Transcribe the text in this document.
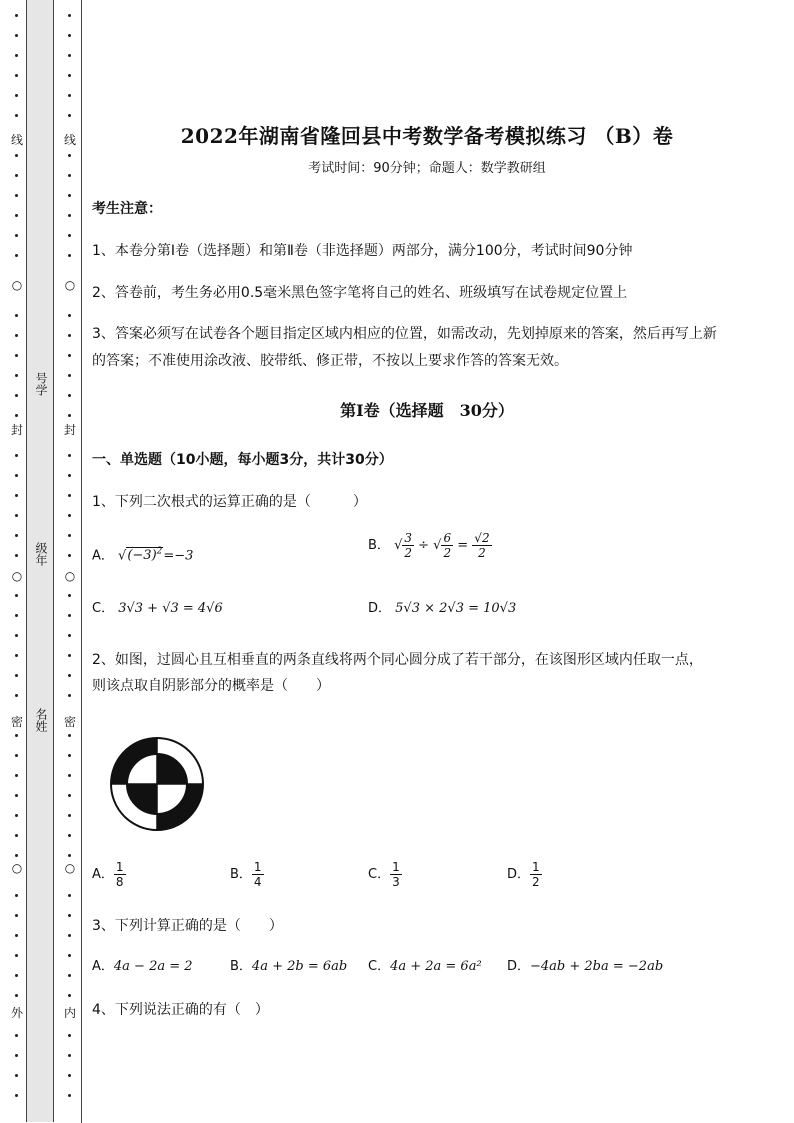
线
○
封
○
密
○
外
线
○
封
○
密
○
内
号学
级年
名姓
2022年湖南省隆回县中考数学备考模拟练习 （B）卷
考试时间：90分钟；命题人：数学教研组
考生注意：
1、本卷分第I卷（选择题）和第Ⅱ卷（非选择题）两部分，满分100分，考试时间90分钟
2、答卷前，考生务必用0.5毫米黑色签字笔将自己的姓名、班级填写在试卷规定位置上
3、答案必须写在试卷各个题目指定区域内相应的位置，如需改动，先划掉原来的答案，然后再写上新
的答案；不准使用涂改液、胶带纸、修正带，不按以上要求作答的答案无效。
第I卷（选择题　30分）
一、单选题（10小题，每小题3分，共计30分）
1、下列二次根式的运算正确的是（　　　）
A． $√(-3)^2=-3$
B． √ $\frac{3}{2}$ ÷ √ $\frac{6}{2} = \frac{√2}{2}$
C． 3√3 + √3 = 4√6	D． 5√3 × 2√3 = 10√3
2、如图，过圆心且互相垂直的两条直线将两个同心圆分成了若干部分，在该图形区域内任取一点，
则该点取自阴影部分的概率是（　　）
A． $\frac{1}{8}$	B． $\frac{1}{4}$	C． $\frac{1}{3}$	D． $\frac{1}{2}$
3、下列计算正确的是（　　）
A．4a − 2a = 2	B．4a + 2b = 6ab C．4a + 2a = 6a² D．−4ab + 2ba = −2ab
4、下列说法正确的有（　）
